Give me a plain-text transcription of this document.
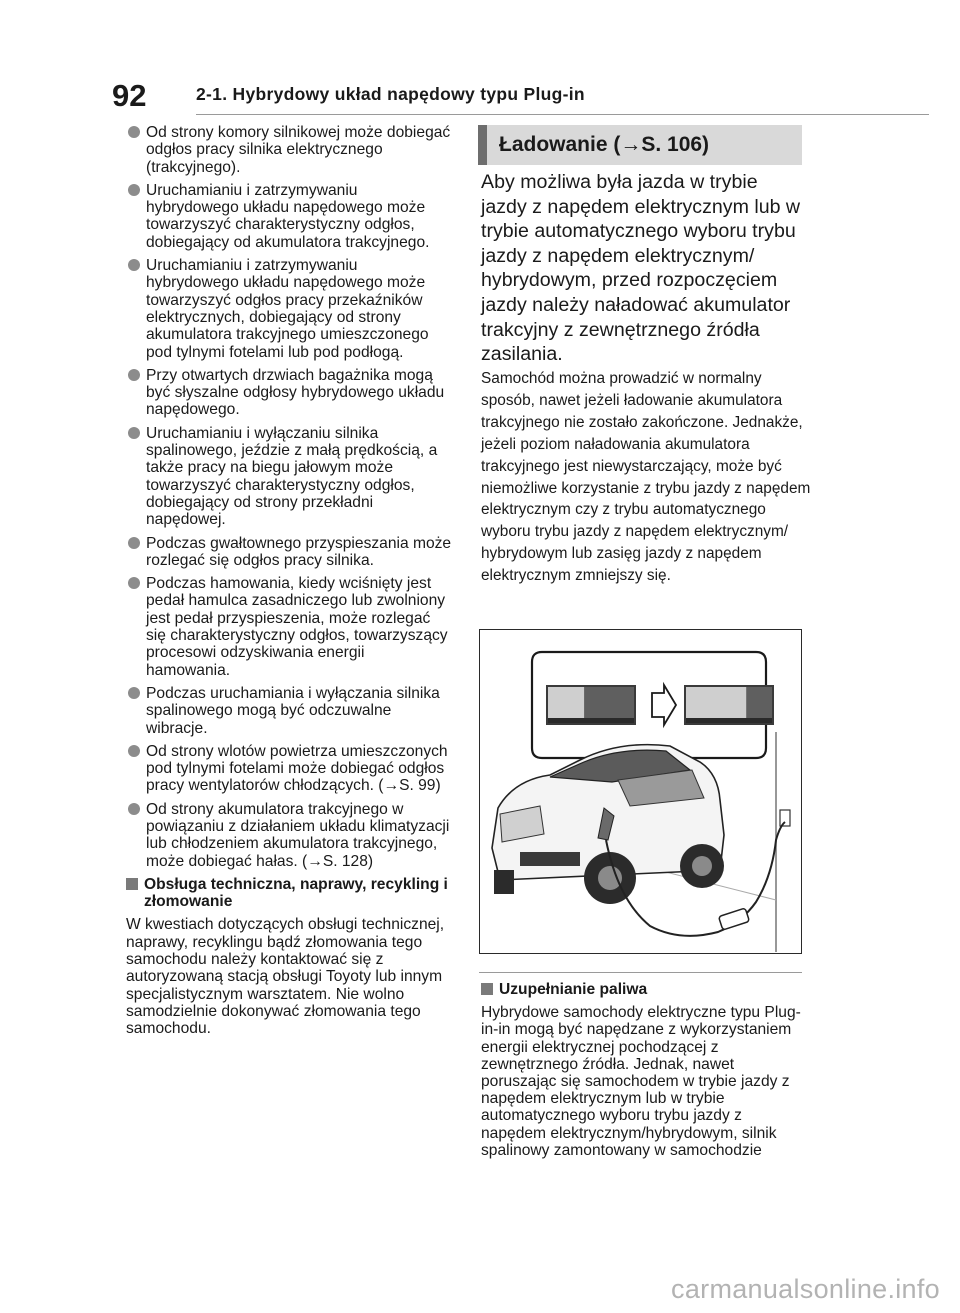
92	2-1. Hybrydowy układ napędowy typu Plug-in
Od strony komory silnikowej może dobiegać odgłos pracy silnika elektrycznego (trakcyjnego).
Uruchamianiu i zatrzymywaniu hybrydowego układu napędowego może towarzyszyć charakterystyczny odgłos, dobiegający od akumulatora trakcyjnego.
Uruchamianiu i zatrzymywaniu hybrydowego układu napędowego może towarzyszyć odgłos pracy przekaźników elektrycznych, dobiegający od strony akumulatora trakcyjnego umieszczonego pod tylnymi fotelami lub pod podłogą.
Przy otwartych drzwiach bagażnika mogą być słyszalne odgłosy hybrydowego układu napędowego.
Uruchamianiu i wyłączaniu silnika spalinowego, jeździe z małą prędkością, a także pracy na biegu jałowym może towarzyszyć charakterystyczny odgłos, dobiegający od strony przekładni napędowej.
Podczas gwałtownego przyspieszania może rozlegać się odgłos pracy silnika.
Podczas hamowania, kiedy wciśnięty jest pedał hamulca zasadniczego lub zwolniony jest pedał przyspieszenia, może rozlegać się charakterystyczny odgłos, towarzyszący procesowi odzyskiwania energii hamowania.
Podczas uruchamiania i wyłączania silnika spalinowego mogą być odczuwalne wibracje.
Od strony wlotów powietrza umieszczonych pod tylnymi fotelami może dobiegać odgłos pracy wentylatorów chłodzących. (→S. 99)
Od strony akumulatora trakcyjnego w powiązaniu z działaniem układu klimatyzacji lub chłodzeniem akumulatora trakcyjnego, może dobiegać hałas. (→S. 128)
Obsługa techniczna, naprawy, recykling i złomowanie

W kwestiach dotyczących obsługi technicznej, naprawy, recyklingu bądź złomowania tego samochodu należy kontaktować się z autoryzowaną stacją obsługi Toyoty lub innym specjalistycznym warsztatem. Nie wolno samodzielnie dokonywać złomowania tego samochodu.

Ładowanie (→S. 106)
Aby możliwa była jazda w trybie jazdy z napędem elektrycznym lub w trybie automatycznego wyboru trybu jazdy z napędem elektrycznym/ hybrydowym, przed rozpoczęciem jazdy należy naładować akumulator trakcyjny z zewnętrznego źródła zasilania.
Samochód można prowadzić w normalny sposób, nawet jeżeli ładowanie akumulatora trakcyjnego nie zostało zakończone. Jednakże, jeżeli poziom naładowania akumulatora trakcyjnego jest niewystarczający, może być niemożliwe korzystanie z trybu jazdy z napędem elektrycznym czy z trybu automatycznego wyboru trybu jazdy z napędem elektrycznym/ hybrydowym lub zasięg jazdy z napędem elektrycznym zmniejszy się.
Uzupełnianie paliwa

Hybrydowe samochody elektryczne typu Plug-in-in mogą być napędzane z wykorzystaniem energii elektrycznej pochodzącej z zewnętrznego źródła. Jednak, nawet poruszając się samochodem w trybie jazdy z napędem elektrycznym lub w trybie automatycznego wyboru trybu jazdy z napędem elektrycznym/hybrydowym, silnik spalinowy zamontowany w samochodzie

carmanualsonline.info
